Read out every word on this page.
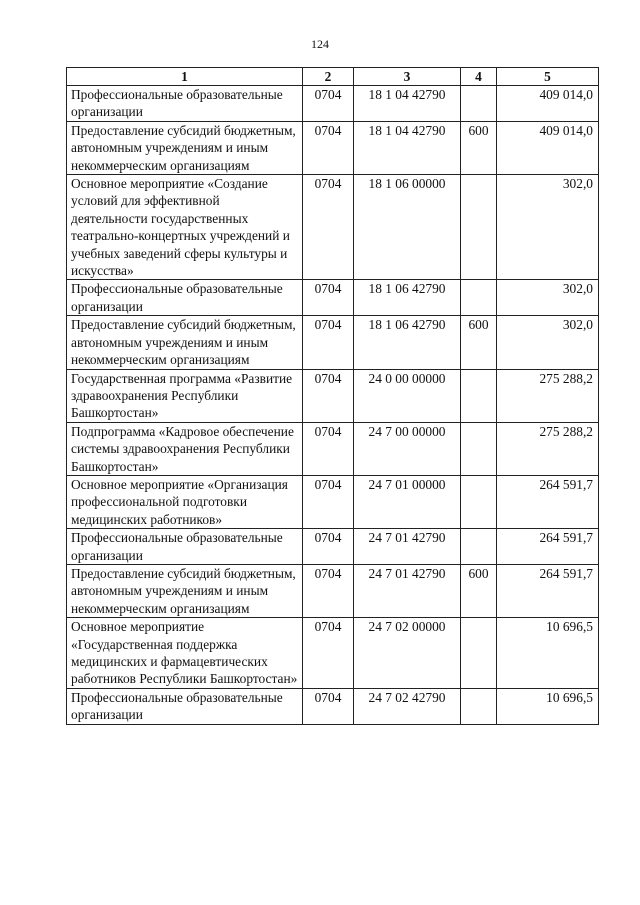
124
1	2	3	4	5
Профессиональные образовательные организации	0704	18 1 04 42790		409 014,0
Предоставление субсидий бюджетным, автономным учреждениям и иным некоммерческим организациям	0704	18 1 04 42790	600	409 014,0
Основное мероприятие «Создание условий для эффективной деятельности государственных театрально-концертных учреждений и учебных заведений сферы культуры и искусства»	0704	18 1 06 00000		302,0
Профессиональные образовательные организации	0704	18 1 06 42790		302,0
Предоставление субсидий бюджетным, автономным учреждениям и иным некоммерческим организациям	0704	18 1 06 42790	600	302,0
Государственная программа «Развитие здравоохранения Республики Башкортостан»	0704	24 0 00 00000		275 288,2
Подпрограмма «Кадровое обеспечение системы здравоохранения Республики Башкортостан»	0704	24 7 00 00000		275 288,2
Основное мероприятие «Организация профессиональной подготовки медицинских работников»	0704	24 7 01 00000		264 591,7
Профессиональные образовательные организации	0704	24 7 01 42790		264 591,7
Предоставление субсидий бюджетным, автономным учреждениям и иным некоммерческим организациям	0704	24 7 01 42790	600	264 591,7
Основное мероприятие «Государственная поддержка медицинских и фармацевтических работников Республики Башкортостан»	0704	24 7 02 00000		10 696,5
Профессиональные образовательные организации	0704	24 7 02 42790		10 696,5
